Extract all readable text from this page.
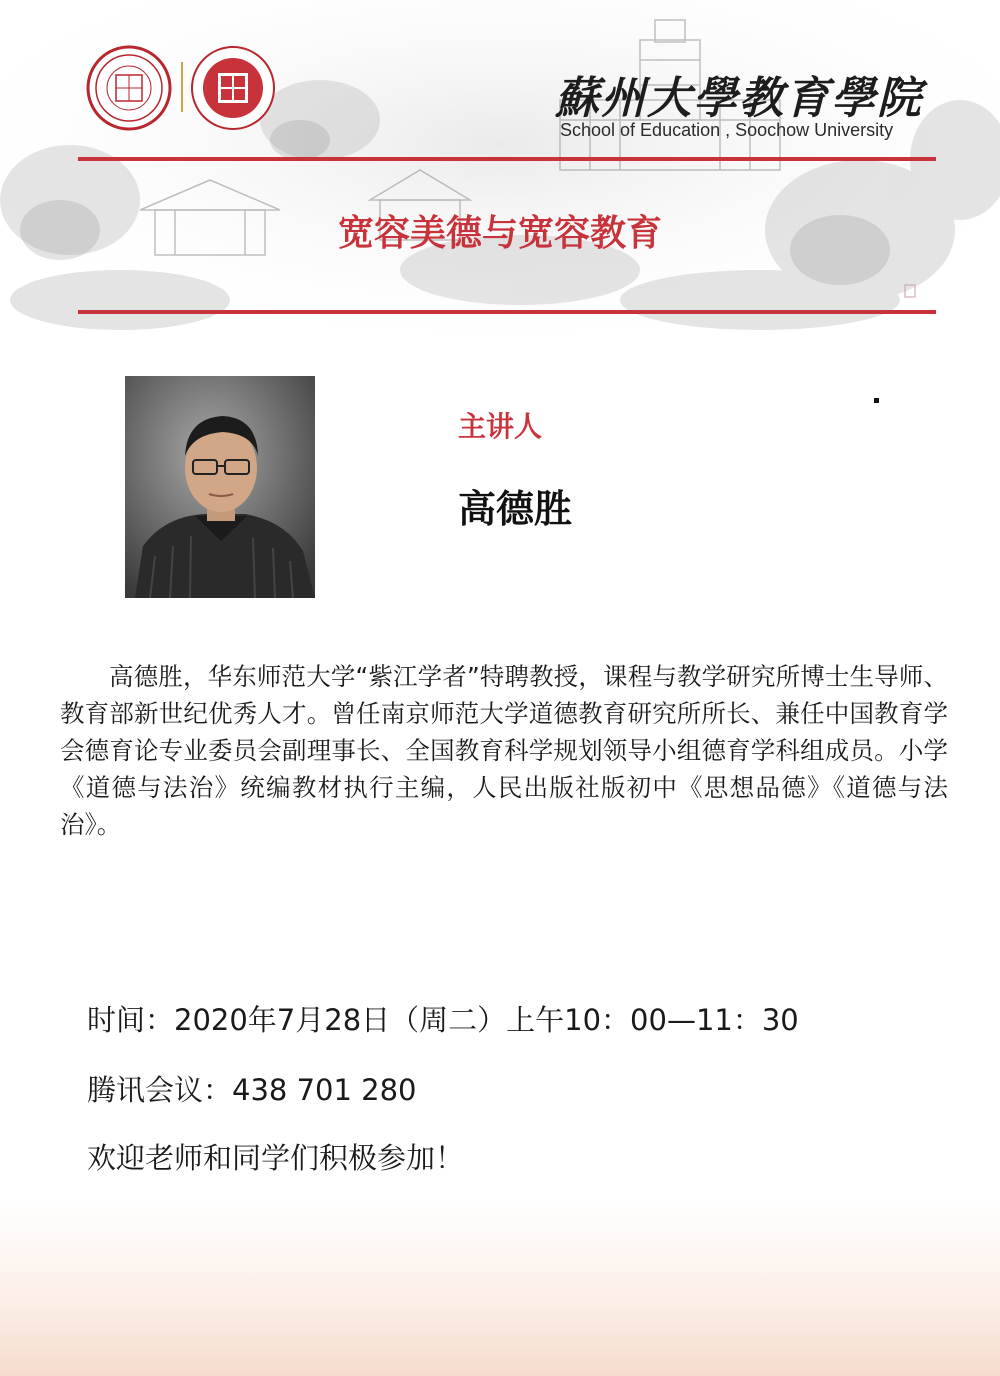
蘇州大學教育學院
School of Education , Soochow University
宽容美德与宽容教育
主讲人
高德胜
高德胜，华东师范大学“紫江学者”特聘教授，课程与教学研究所博士生导师、教育部新世纪优秀人才。曾任南京师范大学道德教育研究所所长、兼任中国教育学会德育论专业委员会副理事长、全国教育科学规划领导小组德育学科组成员。小学《道德与法治》统编教材执行主编，人民出版社版初中《思想品德》《道德与法治》。
时间：2020年7月28日（周二）上午10：00—11：30
腾讯会议：438 701 280
欢迎老师和同学们积极参加！
